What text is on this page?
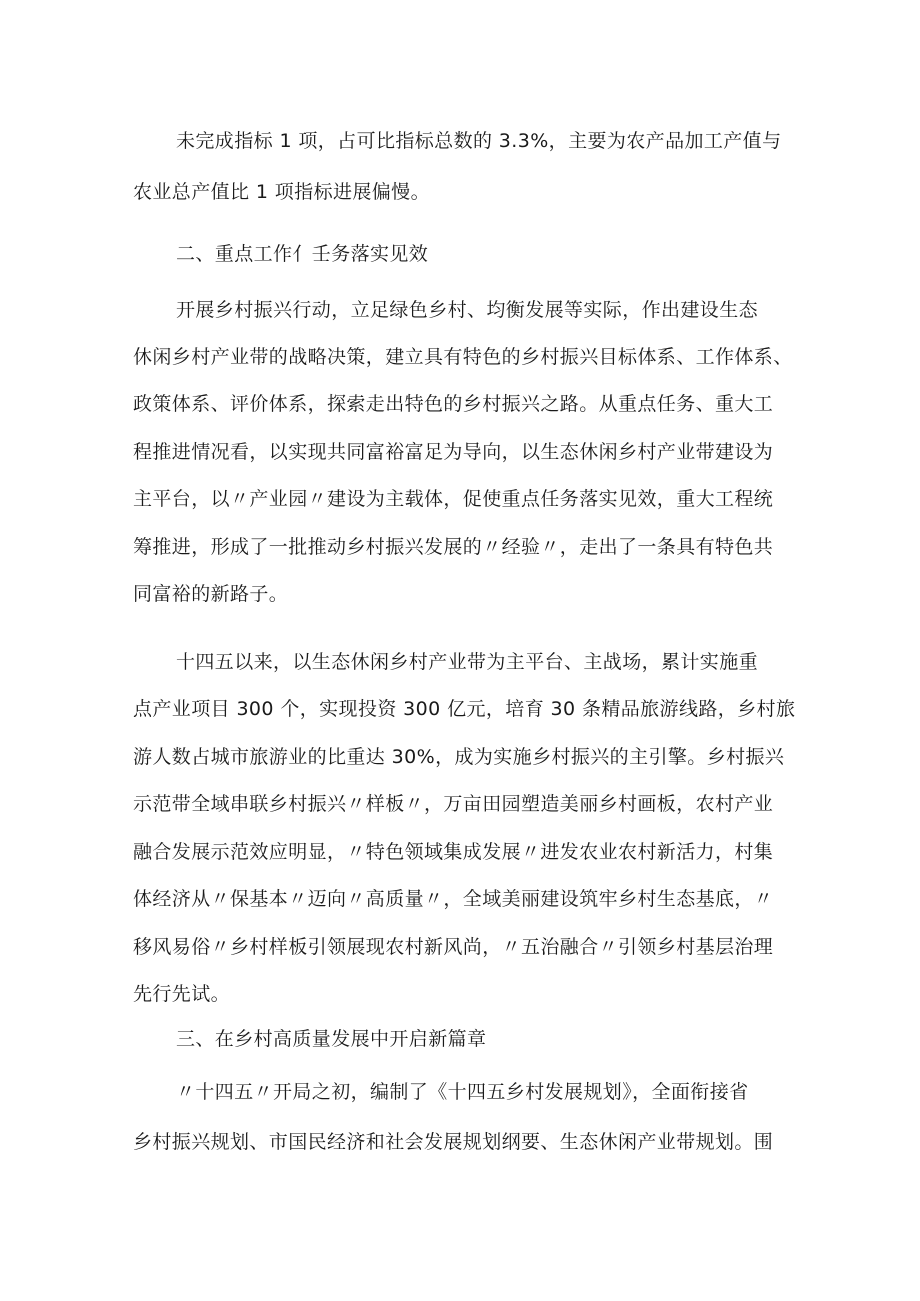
未完成指标 1 项，占可比指标总数的 3.3%，主要为农产品加工产值与
农业总产值比 1 项指标进展偏慢。
二、重点工作亻壬务落实见效
开展乡村振兴行动，立足绿色乡村、均衡发展等实际，作出建设生态
休闲乡村产业带的战略决策，建立具有特色的乡村振兴目标体系、工作体系、
政策体系、评价体系，探索走出特色的乡村振兴之路。从重点任务、重大工
程推进情况看，以实现共同富裕富足为导向，以生态休闲乡村产业带建设为
主平台，以〃产业园〃建设为主载体，促使重点任务落实见效，重大工程统
筹推进，形成了一批推动乡村振兴发展的〃经验〃，走出了一条具有特色共
同富裕的新路子。
十四五以来，以生态休闲乡村产业带为主平台、主战场，累计实施重
点产业项目 300 个，实现投资 300 亿元，培育 30 条精品旅游线路，乡村旅
游人数占城市旅游业的比重达 30%，成为实施乡村振兴的主引擎。乡村振兴
示范带全域串联乡村振兴〃样板〃，万亩田园塑造美丽乡村画板，农村产业
融合发展示范效应明显，〃特色领域集成发展〃进发农业农村新活力，村集
体经济从〃保基本〃迈向〃高质量〃，全域美丽建设筑牢乡村生态基底，〃
移风易俗〃乡村样板引领展现农村新风尚，〃五治融合〃引领乡村基层治理
先行先试。
三、在乡村高质量发展中开启新篇章
〃十四五〃开局之初，编制了《十四五乡村发展规划》，全面衔接省
乡村振兴规划、市国民经济和社会发展规划纲要、生态休闲产业带规划。围
